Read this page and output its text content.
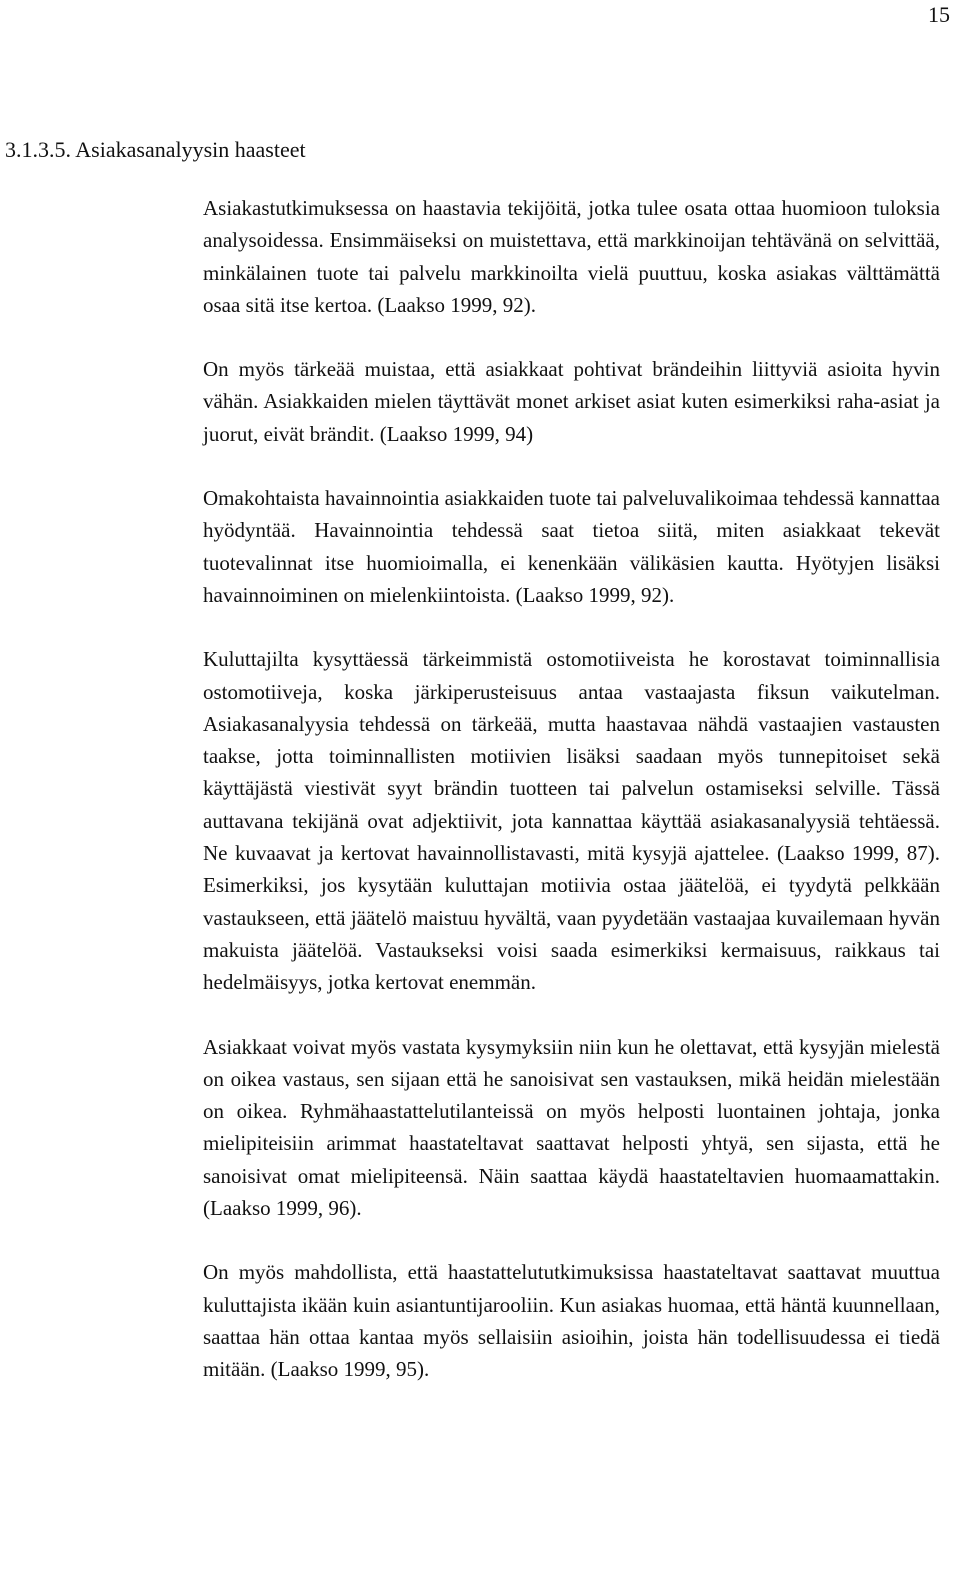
15
3.1.3.5. Asiakasanalyysin haasteet

Asiakastutkimuksessa on haastavia tekijöitä, jotka tulee osata ottaa huomioon tuloksia analysoidessa. Ensimmäiseksi on muistettava, että markkinoijan tehtävänä on selvittää, minkälainen tuote tai palvelu markkinoilta vielä puuttuu, koska asiakas välttämättä osaa sitä itse kertoa. (Laakso 1999, 92).

On myös tärkeää muistaa, että asiakkaat pohtivat brändeihin liittyviä asioita hyvin vähän. Asiakkaiden mielen täyttävät monet arkiset asiat kuten esimerkiksi raha-asiat ja juorut, eivät brändit. (Laakso 1999, 94)

Omakohtaista havainnointia asiakkaiden tuote tai palveluvalikoimaa tehdessä kannattaa hyödyntää. Havainnointia tehdessä saat tietoa siitä, miten asiakkaat tekevät tuotevalinnat itse huomioimalla, ei kenenkään välikäsien kautta. Hyötyjen lisäksi havainnoiminen on mielenkiintoista. (Laakso 1999, 92).

Kuluttajilta kysyttäessä tärkeimmistä ostomotiiveista he korostavat toiminnallisia ostomotiiveja, koska järkiperusteisuus antaa vastaajasta fiksun vaikutelman. Asiakasanalyysia tehdessä on tärkeää, mutta haastavaa nähdä vastaajien vastausten taakse, jotta toiminnallisten motiivien lisäksi saadaan myös tunnepitoiset sekä käyttäjästä viestivät syyt brändin tuotteen tai palvelun ostamiseksi selville. Tässä auttavana tekijänä ovat adjektiivit, jota kannattaa käyttää asiakasanalyysiä tehtäessä. Ne kuvaavat ja kertovat havainnollistavasti, mitä kysyjä ajattelee. (Laakso 1999, 87). Esimerkiksi, jos kysytään kuluttajan motiivia ostaa jäätelöä, ei tyydytä pelkkään vastaukseen, että jäätelö maistuu hyvältä, vaan pyydetään vastaajaa kuvailemaan hyvän makuista jäätelöä. Vastaukseksi voisi saada esimerkiksi kermaisuus, raikkaus tai hedelmäisyys, jotka kertovat enemmän.

Asiakkaat voivat myös vastata kysymyksiin niin kun he olettavat, että kysyjän mielestä on oikea vastaus, sen sijaan että he sanoisivat sen vastauksen, mikä heidän mielestään on oikea. Ryhmähaastattelutilanteissä on myös helposti luontainen johtaja, jonka mielipiteisiin arimmat haastateltavat saattavat helposti yhtyä, sen sijasta, että he sanoisivat omat mielipiteensä. Näin saattaa käydä haastateltavien huomaamattakin. (Laakso 1999, 96).

On myös mahdollista, että haastattelututkimuksissa haastateltavat saattavat muuttua kuluttajista ikään kuin asiantuntijarooliin. Kun asiakas huomaa, että häntä kuunnellaan, saattaa hän ottaa kantaa myös sellaisiin asioihin, joista hän todellisuudessa ei tiedä mitään. (Laakso 1999, 95).
